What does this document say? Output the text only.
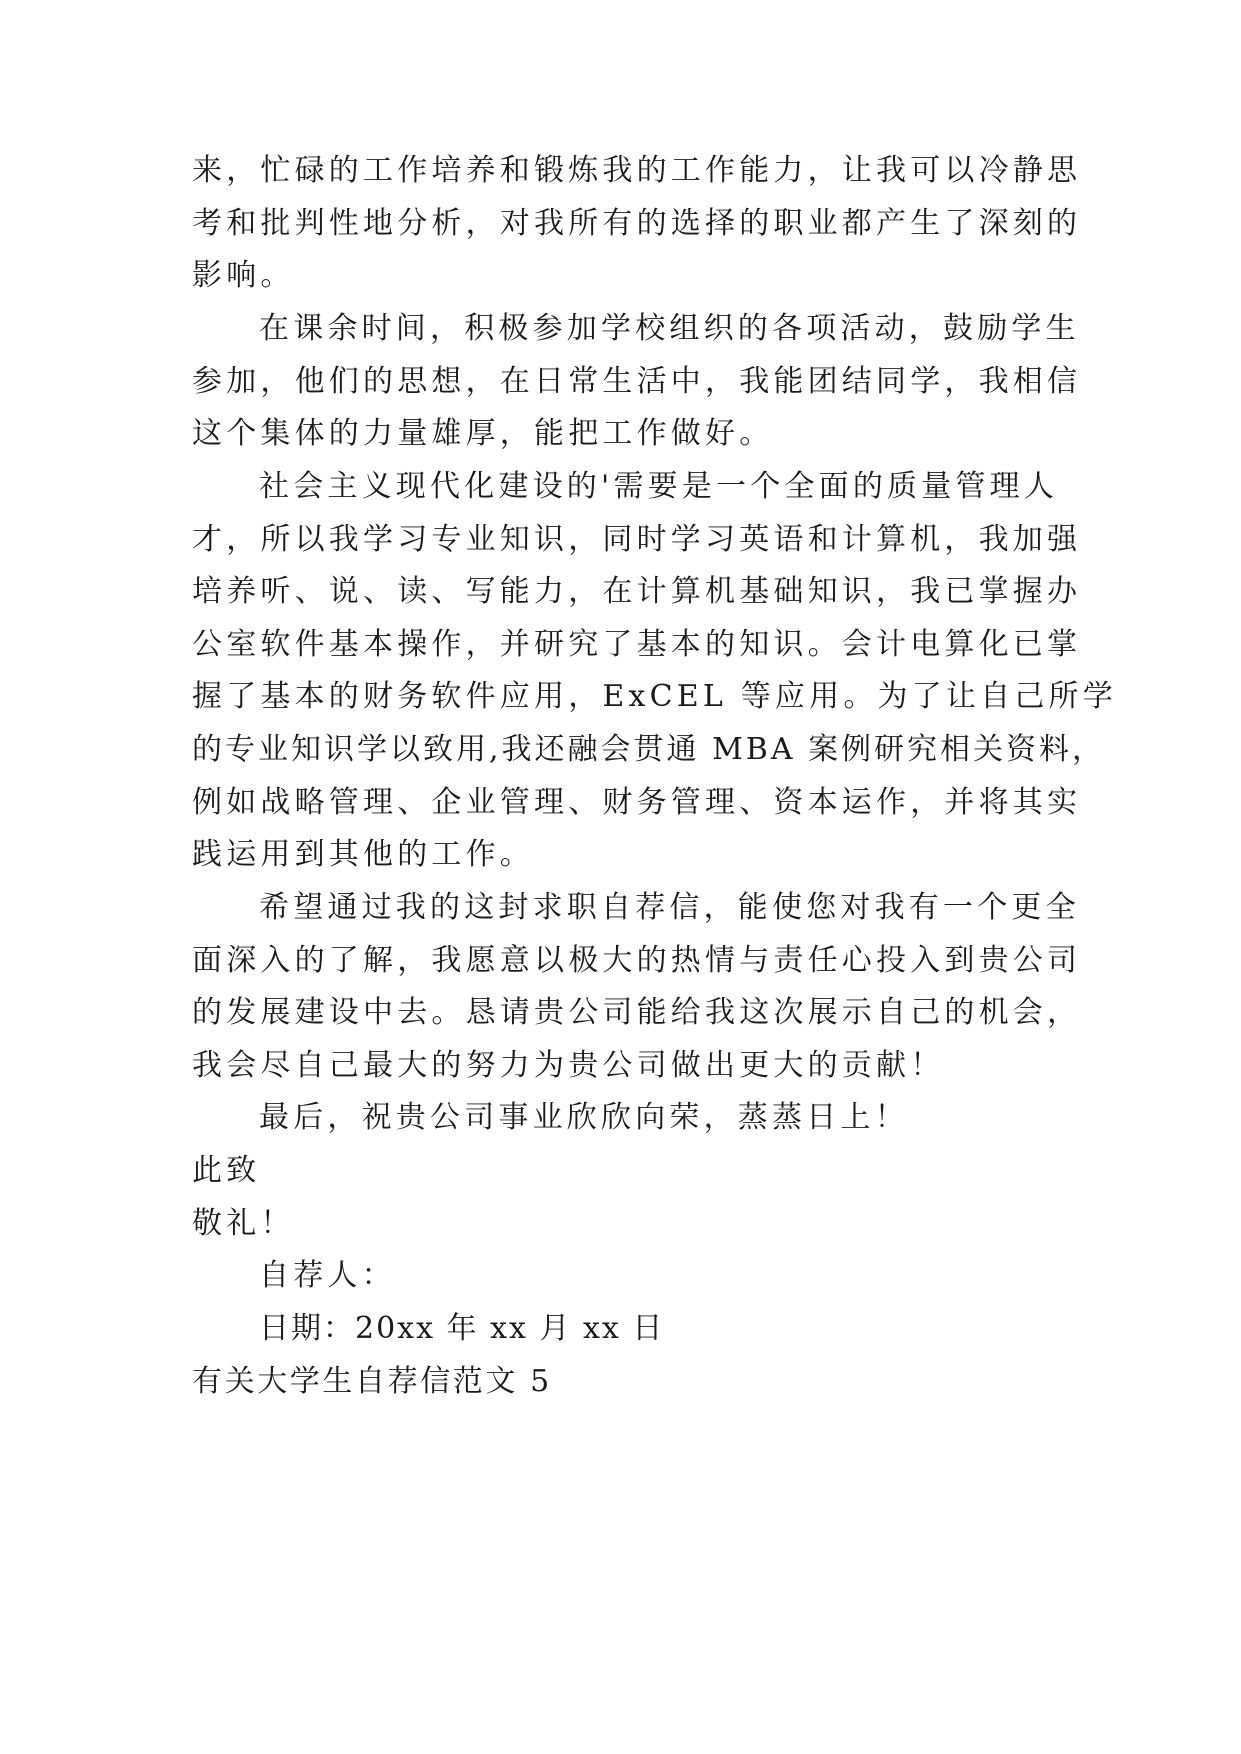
来，忙碌的工作培养和锻炼我的工作能力，让我可以冷静思
考和批判性地分析，对我所有的选择的职业都产生了深刻的
影响。
在课余时间，积极参加学校组织的各项活动，鼓励学生
参加，他们的思想，在日常生活中，我能团结同学，我相信
这个集体的力量雄厚，能把工作做好。
社会主义现代化建设的'需要是一个全面的质量管理人
才，所以我学习专业知识，同时学习英语和计算机，我加强
培养听、说、读、写能力，在计算机基础知识，我已掌握办
公室软件基本操作，并研究了基本的知识。会计电算化已掌
握了基本的财务软件应用，ExCEL 等应用。为了让自己所学
的专业知识学以致用,我还融会贯通 MBA 案例研究相关资料，
例如战略管理、企业管理、财务管理、资本运作，并将其实
践运用到其他的工作。
希望通过我的这封求职自荐信，能使您对我有一个更全
面深入的了解，我愿意以极大的热情与责任心投入到贵公司
的发展建设中去。恳请贵公司能给我这次展示自己的机会，
我会尽自己最大的努力为贵公司做出更大的贡献！
最后，祝贵公司事业欣欣向荣，蒸蒸日上！
此致
敬礼！
自荐人：
日期：20xx 年 xx 月 xx 日
有关大学生自荐信范文 5
